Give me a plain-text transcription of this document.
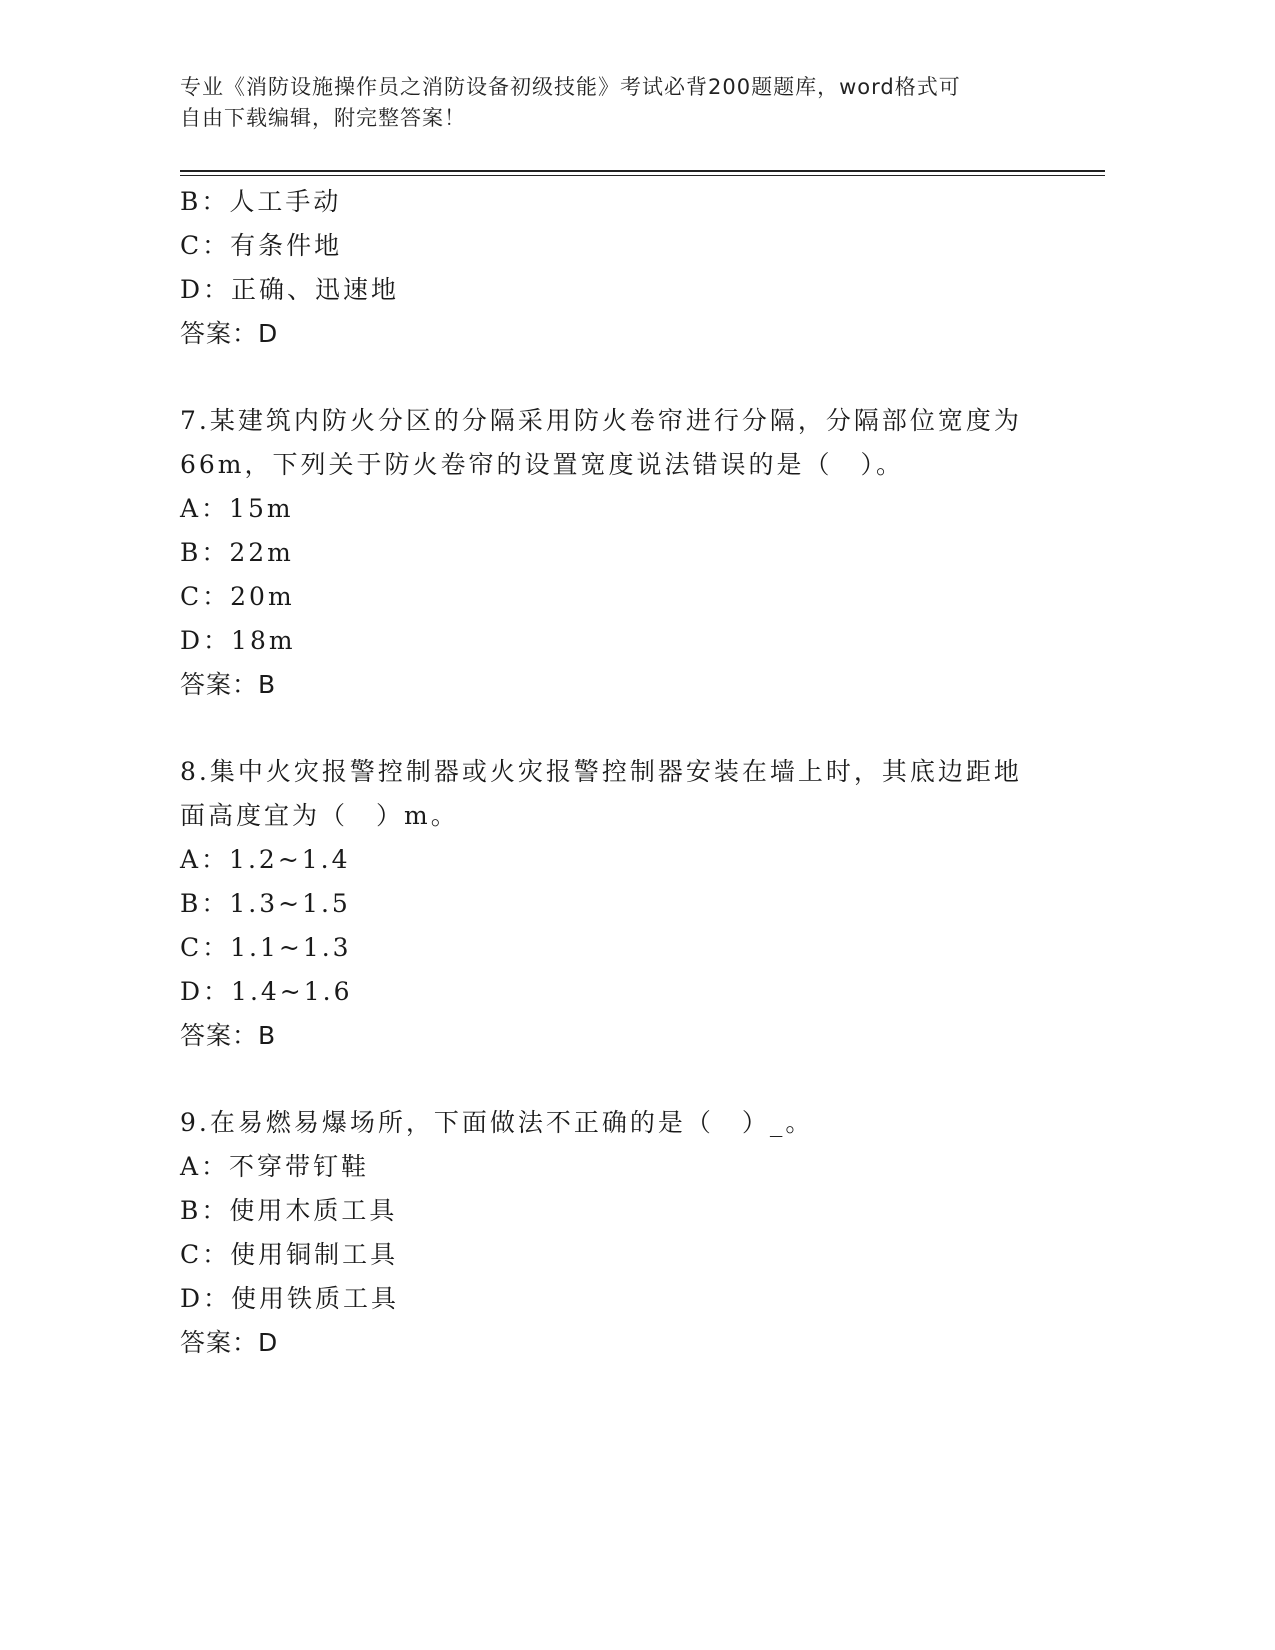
专业《消防设施操作员之消防设备初级技能》考试必背200题题库，word格式可
自由下载编辑，附完整答案！
B：人工手动
C：有条件地
D：正确、迅速地
答案：D
7.某建筑内防火分区的分隔采用防火卷帘进行分隔，分隔部位宽度为
66m，下列关于防火卷帘的设置宽度说法错误的是（　）。
A：15m
B：22m
C：20m
D：18m
答案：B
8.集中火灾报警控制器或火灾报警控制器安装在墙上时，其底边距地
面高度宜为（　）m。
A：1.2~1.4
B：1.3~1.5
C：1.1~1.3
D：1.4~1.6
答案：B
9.在易燃易爆场所，下面做法不正确的是（　）_。
A：不穿带钉鞋
B：使用木质工具
C：使用铜制工具
D：使用铁质工具
答案：D
